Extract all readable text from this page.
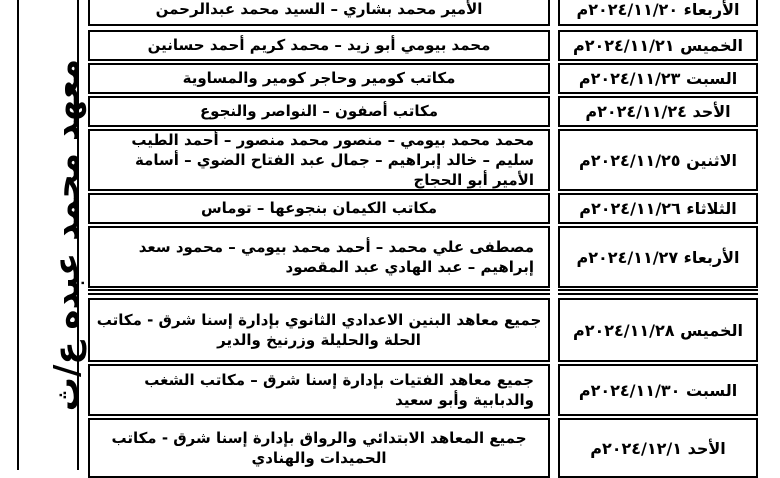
معهد محمد عبده ع/ث
الأربعاء ٢٠٢٤/١١/٢٠م
الأمير محمد بشاري – السيد محمد عبدالرحمن
الخميس ٢٠٢٤/١١/٢١م
محمد بيومي أبو زيد – محمد كريم أحمد حسانين
السبت ٢٠٢٤/١١/٢٣م
مكاتب كومير وحاجر كومير والمساوية
الأحد ٢٠٢٤/١١/٢٤م
مكاتب أصفون – النواصر والنجوع
الاثنين ٢٠٢٤/١١/٢٥م
محمد محمد بيومي – منصور محمد منصور – أحمد الطيب سليم – خالد إبراهيم – جمال عبد الفتاح الضوي – أسامة الأمير أبو الحجاج
الثلاثاء ٢٠٢٤/١١/٢٦م
مكاتب الكيمان بنجوعها – توماس
الأربعاء ٢٠٢٤/١١/٢٧م
مصطفى علي محمد – أحمد محمد بيومي – محمود سعد إبراهيم – عبد الهادي عبد المقصود
الخميس ٢٠٢٤/١١/٢٨م
جميع معاهد البنين الاعدادي الثانوي بإدارة إسنا شرق - مكاتب الحلة والحليلة وزرنيخ والدير
السبت ٢٠٢٤/١١/٣٠م
جميع معاهد الفتيات بإدارة إسنا شرق – مكاتب الشغب والدبابية وأبو سعيد
الأحد ٢٠٢٤/١٢/١م
جميع المعاهد الابتدائي والرواق بإدارة إسنا شرق - مكاتب الحميدات والهنادي
